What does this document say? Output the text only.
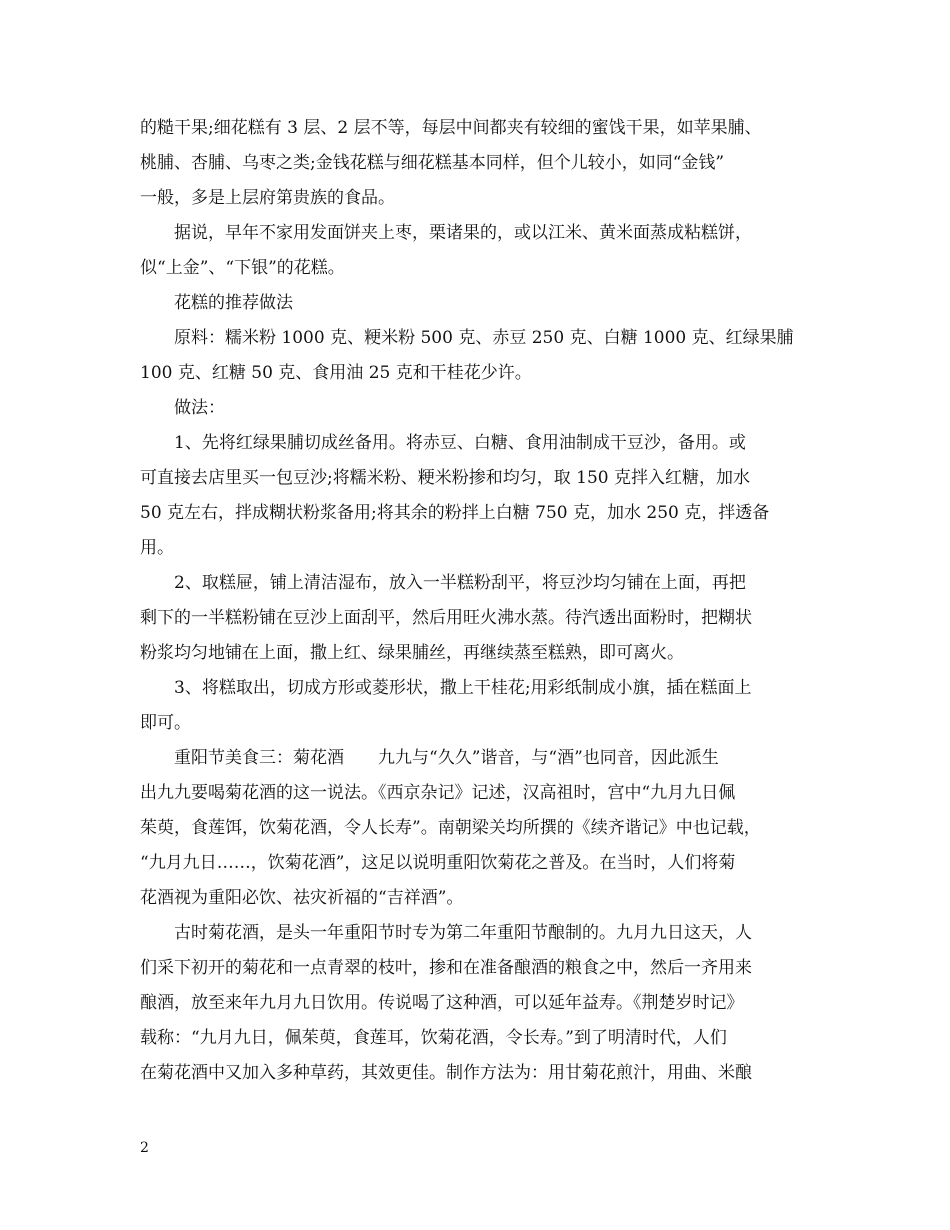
的糙干果;细花糕有 3 层、2 层不等，每层中间都夹有较细的蜜饯干果，如苹果脯、
桃脯、杏脯、乌枣之类;金钱花糕与细花糕基本同样，但个儿较小，如同“金钱”
一般，多是上层府第贵族的食品。
据说，早年不家用发面饼夹上枣，栗诸果的，或以江米、黄米面蒸成粘糕饼，
似“上金”、“下银”的花糕。
花糕的推荐做法
原料：糯米粉 1000 克、粳米粉 500 克、赤豆 250 克、白糖 1000 克、红绿果脯
100 克、红糖 50 克、食用油 25 克和干桂花少许。
做法：
1、先将红绿果脯切成丝备用。将赤豆、白糖、食用油制成干豆沙，备用。或
可直接去店里买一包豆沙;将糯米粉、粳米粉掺和均匀，取 150 克拌入红糖，加水
50 克左右，拌成糊状粉浆备用;将其余的粉拌上白糖 750 克，加水 250 克，拌透备
用。
2、取糕屉，铺上清洁湿布，放入一半糕粉刮平，将豆沙均匀铺在上面，再把
剩下的一半糕粉铺在豆沙上面刮平，然后用旺火沸水蒸。待汽透出面粉时，把糊状
粉浆均匀地铺在上面，撒上红、绿果脯丝，再继续蒸至糕熟，即可离火。
3、将糕取出，切成方形或菱形状，撒上干桂花;用彩纸制成小旗，插在糕面上
即可。
重阳节美食三：菊花酒　　九九与“久久”谐音，与“酒”也同音，因此派生
出九九要喝菊花酒的这一说法。《西京杂记》记述，汉高祖时，宫中“九月九日佩
茱萸，食莲饵，饮菊花酒，令人长寿”。南朝梁关均所撰的《续齐谐记》中也记载，
“九月九日……，饮菊花酒”，这足以说明重阳饮菊花之普及。在当时，人们将菊
花酒视为重阳必饮、祛灾祈福的“吉祥酒”。
古时菊花酒，是头一年重阳节时专为第二年重阳节酿制的。九月九日这天，人
们采下初开的菊花和一点青翠的枝叶，掺和在准备酿酒的粮食之中，然后一齐用来
酿酒，放至来年九月九日饮用。传说喝了这种酒，可以延年益寿。《荆楚岁时记》
载称：“九月九日，佩茱萸，食莲耳，饮菊花酒，令长寿。”到了明清时代，人们
在菊花酒中又加入多种草药，其效更佳。制作方法为：用甘菊花煎汁，用曲、米酿
2
